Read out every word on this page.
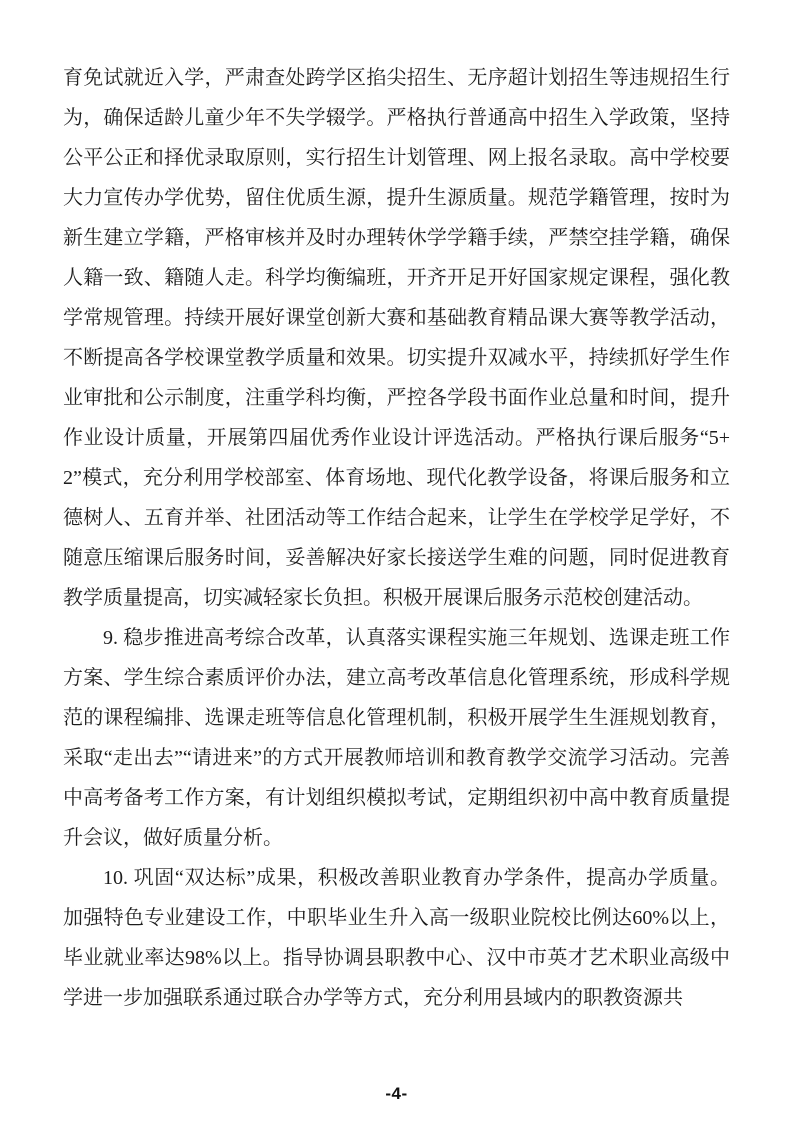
育免试就近入学，严肃查处跨学区掐尖招生、无序超计划招生等违规招生行为，确保适龄儿童少年不失学辍学。严格执行普通高中招生入学政策，坚持公平公正和择优录取原则，实行招生计划管理、网上报名录取。高中学校要大力宣传办学优势，留住优质生源，提升生源质量。规范学籍管理，按时为新生建立学籍，严格审核并及时办理转休学学籍手续，严禁空挂学籍，确保人籍一致、籍随人走。科学均衡编班，开齐开足开好国家规定课程，强化教学常规管理。持续开展好课堂创新大赛和基础教育精品课大赛等教学活动，不断提高各学校课堂教学质量和效果。切实提升双减水平，持续抓好学生作业审批和公示制度，注重学科均衡，严控各学段书面作业总量和时间，提升作业设计质量，开展第四届优秀作业设计评选活动。严格执行课后服务“5+2”模式，充分利用学校部室、体育场地、现代化教学设备，将课后服务和立德树人、五育并举、社团活动等工作结合起来，让学生在学校学足学好，不随意压缩课后服务时间，妥善解决好家长接送学生难的问题，同时促进教育教学质量提高，切实减轻家长负担。积极开展课后服务示范校创建活动。

9. 稳步推进高考综合改革，认真落实课程实施三年规划、选课走班工作方案、学生综合素质评价办法，建立高考改革信息化管理系统，形成科学规范的课程编排、选课走班等信息化管理机制，积极开展学生生涯规划教育，采取“走出去”“请进来”的方式开展教师培训和教育教学交流学习活动。完善中高考备考工作方案，有计划组织模拟考试，定期组织初中高中教育质量提升会议，做好质量分析。

10. 巩固“双达标”成果，积极改善职业教育办学条件，提高办学质量。加强特色专业建设工作，中职毕业生升入高一级职业院校比例达60%以上，毕业就业率达98%以上。指导协调县职教中心、汉中市英才艺术职业高级中学进一步加强联系通过联合办学等方式，充分利用县域内的职教资源共

-4-
